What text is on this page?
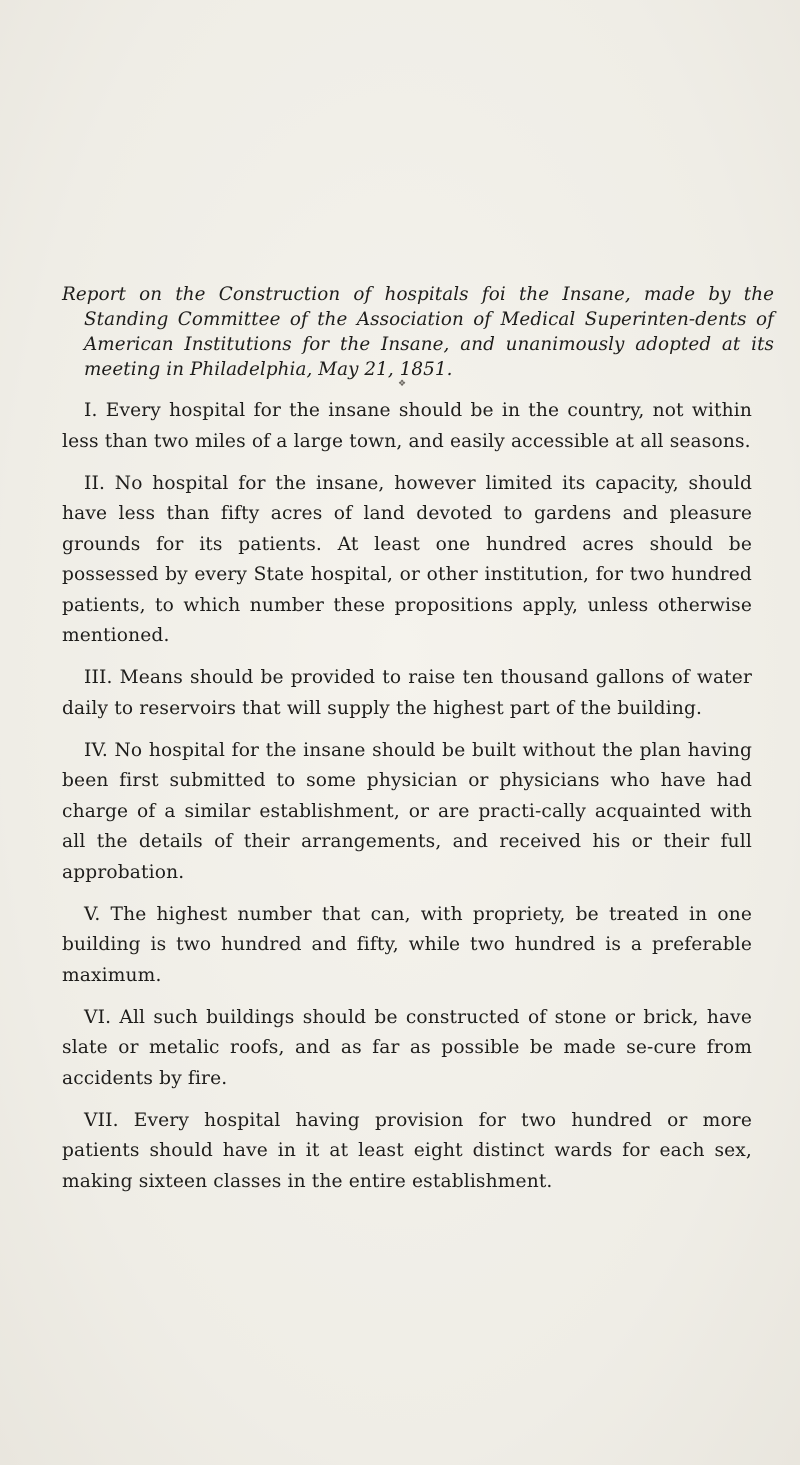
Report on the Construction of hospitals foi the Insane, made by the Standing Committee of the Association of Medical Superinten-dents of American Institutions for the Insane, and unanimously adopted at its meeting in Philadelphia, May 21, 1851.
❖

I. Every hospital for the insane should be in the country, not within less than two miles of a large town, and easily accessible at all seasons.

II. No hospital for the insane, however limited its capacity, should have less than fifty acres of land devoted to gardens and pleasure grounds for its patients. At least one hundred acres should be possessed by every State hospital, or other institution, for two hundred patients, to which number these propositions apply, unless otherwise mentioned.

III. Means should be provided to raise ten thousand gallons of water daily to reservoirs that will supply the highest part of the building.

IV. No hospital for the insane should be built without the plan having been first submitted to some physician or physicians who have had charge of a similar establishment, or are practi-cally acquainted with all the details of their arrangements, and received his or their full approbation.

V. The highest number that can, with propriety, be treated in one building is two hundred and fifty, while two hundred is a preferable maximum.

VI. All such buildings should be constructed of stone or brick, have slate or metalic roofs, and as far as possible be made se-cure from accidents by fire.

VII. Every hospital having provision for two hundred or more patients should have in it at least eight distinct wards for each sex, making sixteen classes in the entire establishment.
